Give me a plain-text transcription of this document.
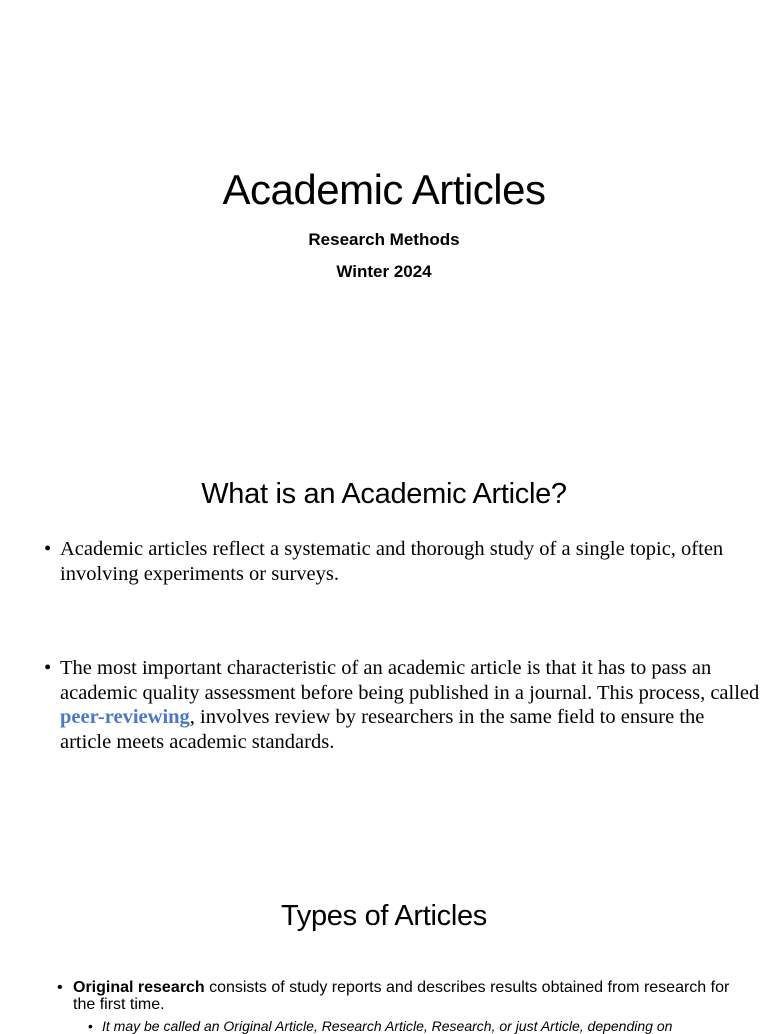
Academic Articles

Research Methods

Winter 2024

What is an Academic Article?
• Academic articles reflect a systematic and thorough study of a single topic, often involving experiments or surveys.
• The most important characteristic of an academic article is that it has to pass an academic quality assessment before being published in a journal. This process, called peer-reviewing, involves review by researchers in the same field to ensure the article meets academic standards.
Types of Articles
• Original research consists of study reports and describes results obtained from research for the first time.
• It may be called an Original Article, Research Article, Research, or just Article, depending on
